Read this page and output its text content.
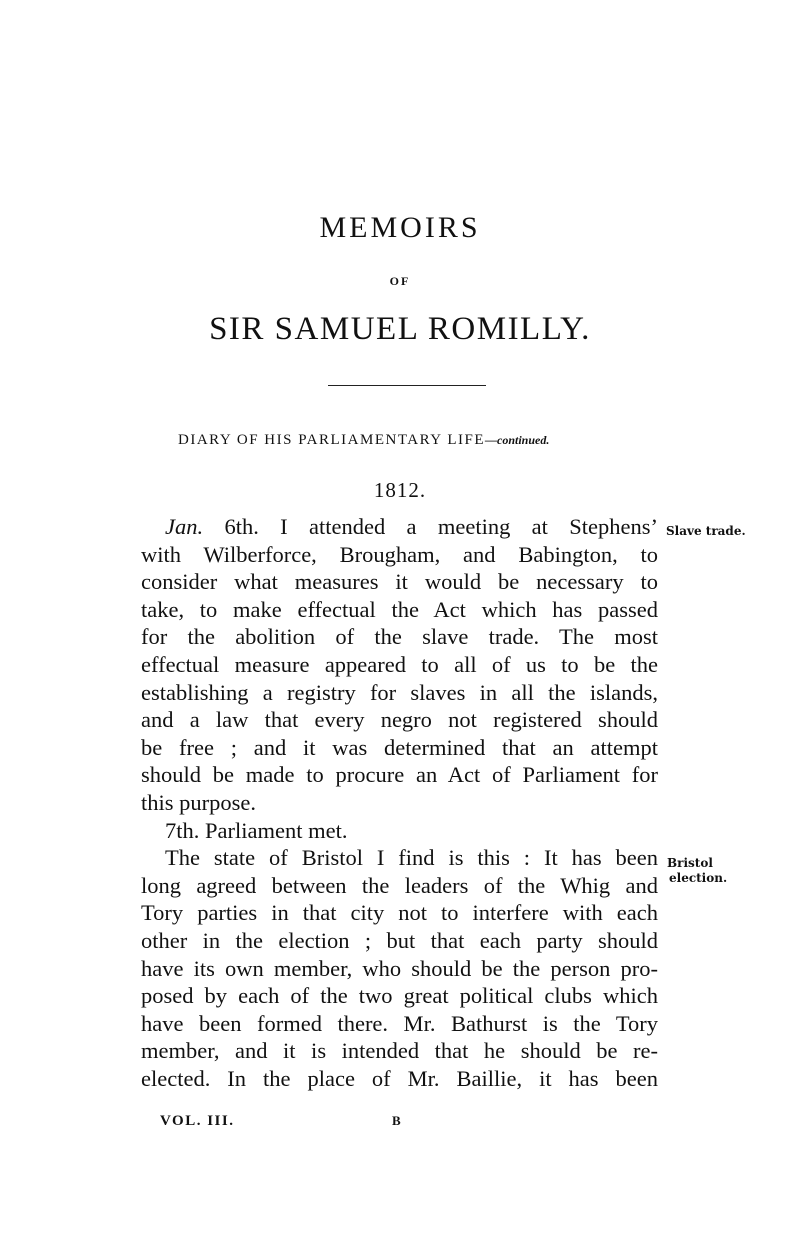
MEMOIRS
OF
SIR SAMUEL ROMILLY.
DIARY OF HIS PARLIAMENTARY LIFE—continued.
1812.
Jan. 6th. I attended a meeting at Stephens’
with Wilberforce, Brougham, and Babington, to
consider what measures it would be necessary to
take, to make effectual the Act which has passed
for the abolition of the slave trade. The most
effectual measure appeared to all of us to be the
establishing a registry for slaves in all the islands,
and a law that every negro not registered should
be free ; and it was determined that an attempt
should be made to procure an Act of Parliament for
this purpose.
7th. Parliament met.
The state of Bristol I find is this : It has been
long agreed between the leaders of the Whig and
Tory parties in that city not to interfere with each
other in the election ; but that each party should
have its own member, who should be the person pro-
posed by each of the two great political clubs which
have been formed there. Mr. Bathurst is the Tory
member, and it is intended that he should be re-
elected. In the place of Mr. Baillie, it has been
Slave trade.
Bristol
election.
VOL. III.	B
